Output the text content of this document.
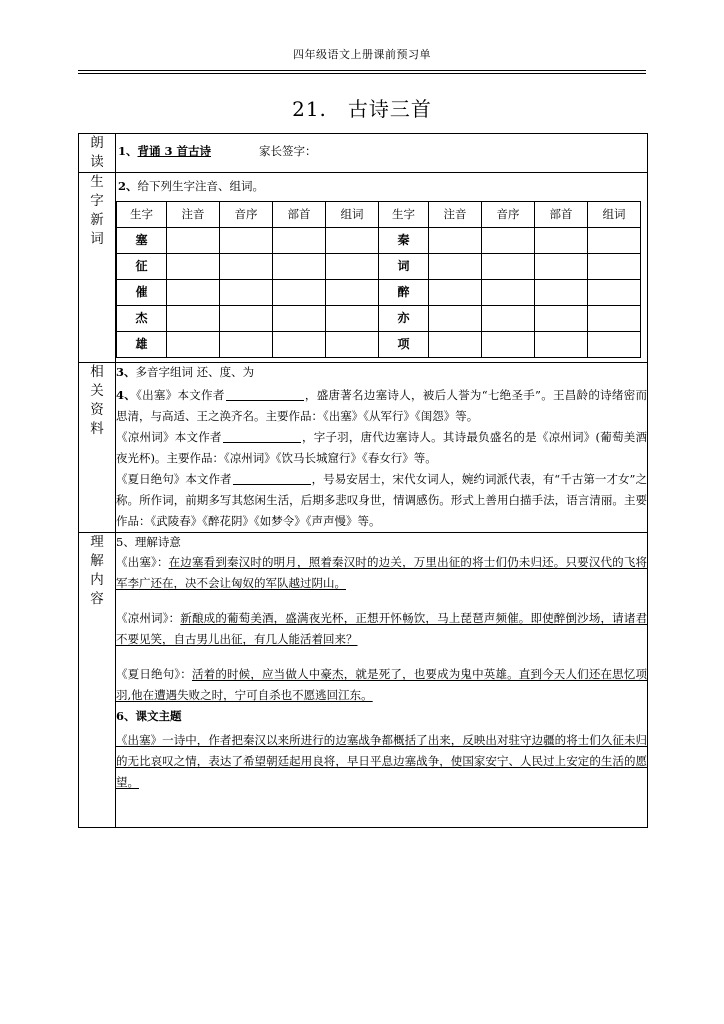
四年级语文上册课前预习单
21.　古诗三首
朗读

1、背诵 3 首古诗	家长签字：

生字新词

2、给下列生字注音、组词。
生字	注音	音序	部首	组词	生字	注音	音序	部首	组词
塞					秦				
征					词				
催					醉				
杰					亦				
雄					项				

相关资料

3、多音字组词 还、度、为

4、《出塞》本文作者	，盛唐著名边塞诗人，被后人誉为“七绝圣手”。王昌龄的诗绪密而思清，与高适、王之涣齐名。主要作品：《出塞》《从军行》《闺怨》等。

《凉州词》本文作者	，字子羽，唐代边塞诗人。其诗最负盛名的是《凉州词》(葡萄美酒夜光杯)。主要作品：《凉州词》《饮马长城窟行》《春女行》等。

《夏日绝句》本文作者	，号易安居士，宋代女词人，婉约词派代表，有“千古第一才女”之称。所作词，前期多写其悠闲生活，后期多悲叹身世，情调感伤。形式上善用白描手法，语言清丽。主要作品：《武陵春》《醉花阴》《如梦令》《声声慢》等。

理解内容

5、理解诗意

《出塞》：在边塞看到秦汉时的明月，照着秦汉时的边关，万里出征的将士们仍未归还。只要汉代的飞将军李广还在，决不会让匈奴的军队越过阴山。

《凉州词》：新酿成的葡萄美酒，盛满夜光杯，正想开怀畅饮，马上琵琶声频催。即使醉倒沙场，请诸君不要见笑，自古男儿出征，有几人能活着回来？

《夏日绝句》：活着的时候，应当做人中豪杰，就是死了，也要成为鬼中英雄。直到今天人们还在思忆项羽,他在遭遇失败之时，宁可自杀也不愿逃回江东。

6、课文主题

《出塞》一诗中，作者把秦汉以来所进行的边塞战争都概括了出来，反映出对驻守边疆的将士们久征未归的无比哀叹之情，表达了希望朝廷起用良将，早日平息边塞战争，使国家安宁、人民过上安定的生活的愿望。
